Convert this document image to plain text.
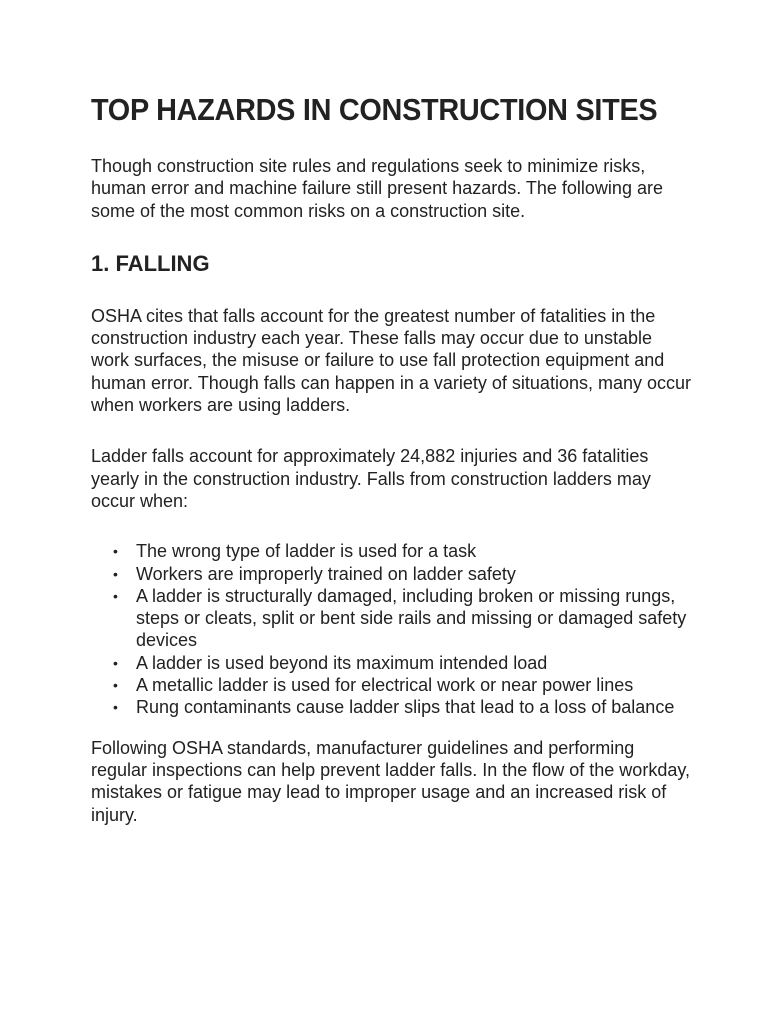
TOP HAZARDS IN CONSTRUCTION SITES

Though construction site rules and regulations seek to minimize risks, human error and machine failure still present hazards. The following are some of the most common risks on a construction site.

1. FALLING

OSHA cites that falls account for the greatest number of fatalities in the construction industry each year. These falls may occur due to unstable work surfaces, the misuse or failure to use fall protection equipment and human error. Though falls can happen in a variety of situations, many occur when workers are using ladders.

Ladder falls account for approximately 24,882 injuries and 36 fatalities yearly in the construction industry. Falls from construction ladders may occur when:

• The wrong type of ladder is used for a task
• Workers are improperly trained on ladder safety
• A ladder is structurally damaged, including broken or missing rungs, steps or cleats, split or bent side rails and missing or damaged safety devices
• A ladder is used beyond its maximum intended load
• A metallic ladder is used for electrical work or near power lines
• Rung contaminants cause ladder slips that lead to a loss of balance

Following OSHA standards, manufacturer guidelines and performing regular inspections can help prevent ladder falls. In the flow of the workday, mistakes or fatigue may lead to improper usage and an increased risk of injury.
